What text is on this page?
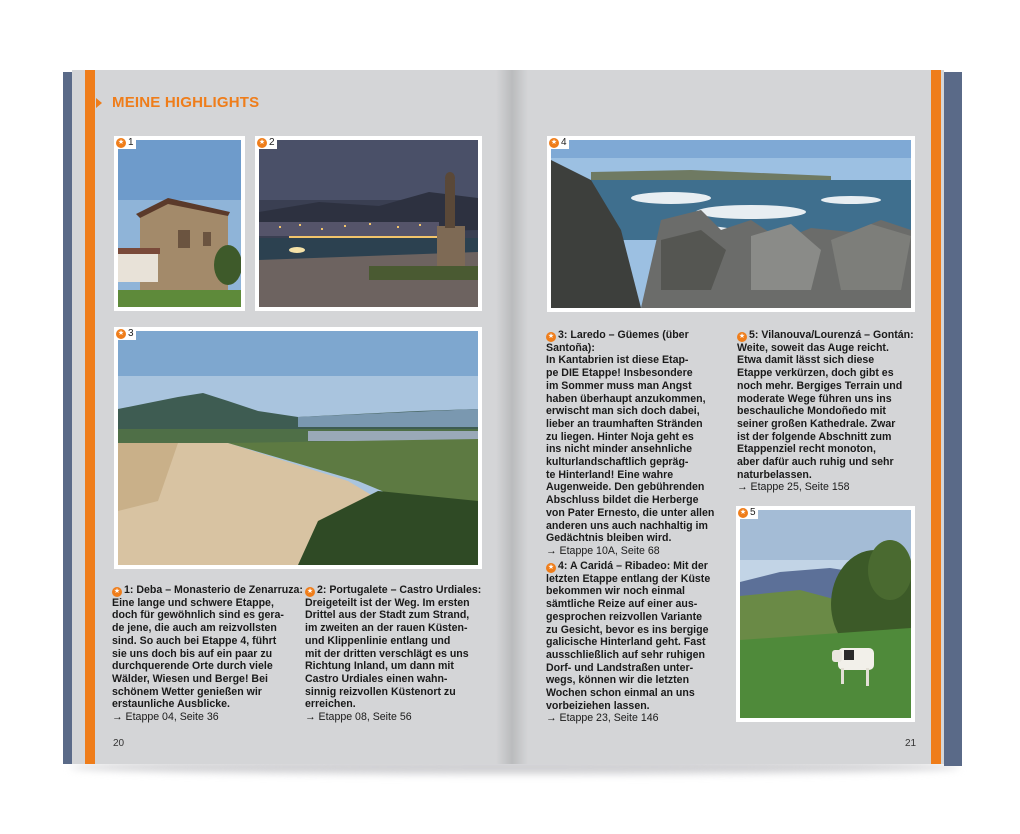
MEINE HIGHLIGHTS
★ 1	★ 2
★ 3
★ 4
★ 5
★ 1: Deba – Monasterio de Zenarruza:
Eine lange und schwere Etappe,
doch für gewöhnlich sind es gera-
de jene, die auch am reizvollsten
sind. So auch bei Etappe 4, führt
sie uns doch bis auf ein paar zu
durchquerende Orte durch viele
Wälder, Wiesen und Berge! Bei
schönem Wetter genießen wir
erstaunliche Ausblicke.
→ Etappe 04, Seite 36
★ 2: Portugalete – Castro Urdiales:
Dreigeteilt ist der Weg. Im ersten
Drittel aus der Stadt zum Strand,
im zweiten an der rauen Küsten-
und Klippenlinie entlang und
mit der dritten verschlägt es uns
Richtung Inland, um dann mit
Castro Urdiales einen wahn-
sinnig reizvollen Küstenort zu
erreichen.
→ Etappe 08, Seite 56
★ 3: Laredo – Güemes (über Santoña):
In Kantabrien ist diese Etap-
pe DIE Etappe! Insbesondere
im Sommer muss man Angst
haben überhaupt anzukommen,
erwischt man sich doch dabei,
lieber an traumhaften Stränden
zu liegen. Hinter Noja geht es
ins nicht minder ansehnliche
kulturlandschaftlich gepräg-
te Hinterland! Eine wahre
Augenweide. Den gebührenden
Abschluss bildet die Herberge
von Pater Ernesto, die unter allen
anderen uns auch nachhaltig im
Gedächtnis bleiben wird.
→ Etappe 10A, Seite 68
★ 4: A Caridá – Ribadeo: Mit der
letzten Etappe entlang der Küste
bekommen wir noch einmal
sämtliche Reize auf einer aus-
gesprochen reizvollen Variante
zu Gesicht, bevor es ins bergige
galicische Hinterland geht. Fast
ausschließlich auf sehr ruhigen
Dorf- und Landstraßen unter-
wegs, können wir die letzten
Wochen schon einmal an uns
vorbeiziehen lassen.
→ Etappe 23, Seite 146
★ 5: Vilanouva/Lourenzá – Gontán:
Weite, soweit das Auge reicht.
Etwa damit lässt sich diese
Etappe verkürzen, doch gibt es
noch mehr. Bergiges Terrain und
moderate Wege führen uns ins
beschauliche Mondoñedo mit
seiner großen Kathedrale. Zwar
ist der folgende Abschnitt zum
Etappenziel recht monoton,
aber dafür auch ruhig und sehr
naturbelassen.
→ Etappe 25, Seite 158
20	21
